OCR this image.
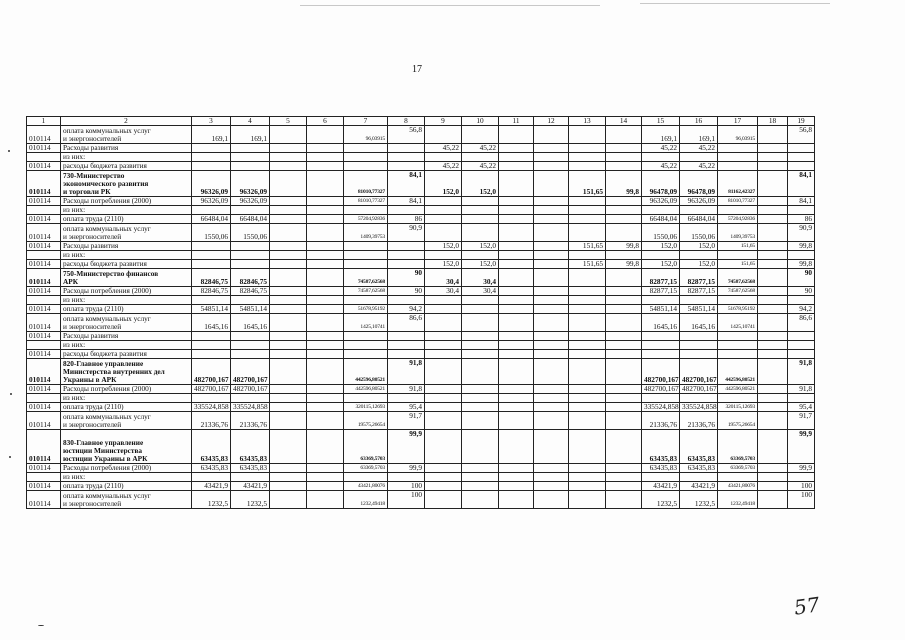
17
1	2	3	4	5	6	7	8	9	10	11	12	13	14	15	16	17	18	19
010114	оплата коммунальных услуг
и энергоносителей	169,1	169,1			96,03915	56,8							169,1	169,1	96,03915		56,8
010114	Расходы развития							45,22	45,22					45,22	45,22			
	из них:																	
010114	расходы бюджета развития							45,22	45,22					45,22	45,22			
010114	730-Министерство
экономического развития
и торговли РК	96326,09	96326,09			81010,77327	84,1	152,0	152,0			151,65	99,8	96478,09	96478,09	81162,42327		84,1
010114	Расходы потребления (2000)	96326,09	96326,09			81010,77327	84,1							96326,09	96326,09	81010,77327		84,1
	из них:																	
010114	оплата труда (2110)	66484,04	66484,04			57204,92836	86							66484,04	66484,04	57204,92836		86
010114	оплата коммунальных услуг
и энергоносителей	1550,06	1550,06			1409,39753	90,9							1550,06	1550,06	1409,39753		90,9
010114	Расходы развития							152,0	152,0			151,65	99,8	152,0	152,0	151,65		99,8
	из них:																	
010114	расходы бюджета развития							152,0	152,0			151,65	99,8	152,0	152,0	151,65		99,8
010114	750-Министерство финансов
АРК	82846,75	82846,75			74587,62568	90	30,4	30,4					82877,15	82877,15	74587,62568		90
010114	Расходы потребления (2000)	82846,75	82846,75			74587,62568	90	30,4	30,4					82877,15	82877,15	74587,62568		90
	из них:																	
010114	оплата труда (2110)	54851,14	54851,14			51678,95192	94,2							54851,14	54851,14	51678,95192		94,2
010114	оплата коммунальных услуг
и энергоносителей	1645,16	1645,16			1425,10741	86,6							1645,16	1645,16	1425,10741		86,6
010114	Расходы развития																	
	из них:																	
010114	расходы бюджета развития																	
010114	820-Главное управление
Министерства внутренних дел
Украины в АРК	482700,167	482700,167			442596,80521	91,8							482700,167	482700,167	442596,80521		91,8
010114	Расходы потребления (2000)	482700,167	482700,167			442596,80521	91,8							482700,167	482700,167	442596,80521		91,8
	из них:																	
010114	оплата труда (2110)	335524,858	335524,858			320115,12693	95,4							335524,858	335524,858	320115,12693		95,4
010114	оплата коммунальных услуг
и энергоносителей	21336,76	21336,76			19575,26654	91,7							21336,76	21336,76	19575,26654		91,7
010114	830-Главное управление
юстиции Министерства
юстиции Украины в АРК	63435,83	63435,83			63369,5703	99,9							63435,83	63435,83	63369,5703		99,9
010114	Расходы потребления (2000)	63435,83	63435,83			63369,5703	99,9							63435,83	63435,83	63369,5703		99,9
	из них:																	
010114	оплата труда (2110)	43421,9	43421,9			43421,80076	100							43421,9	43421,9	43421,80076		100
010114	оплата коммунальных услуг
и энергоносителей	1232,5	1232,5			1232,49418	100							1232,5	1232,5	1232,49418		100
57
